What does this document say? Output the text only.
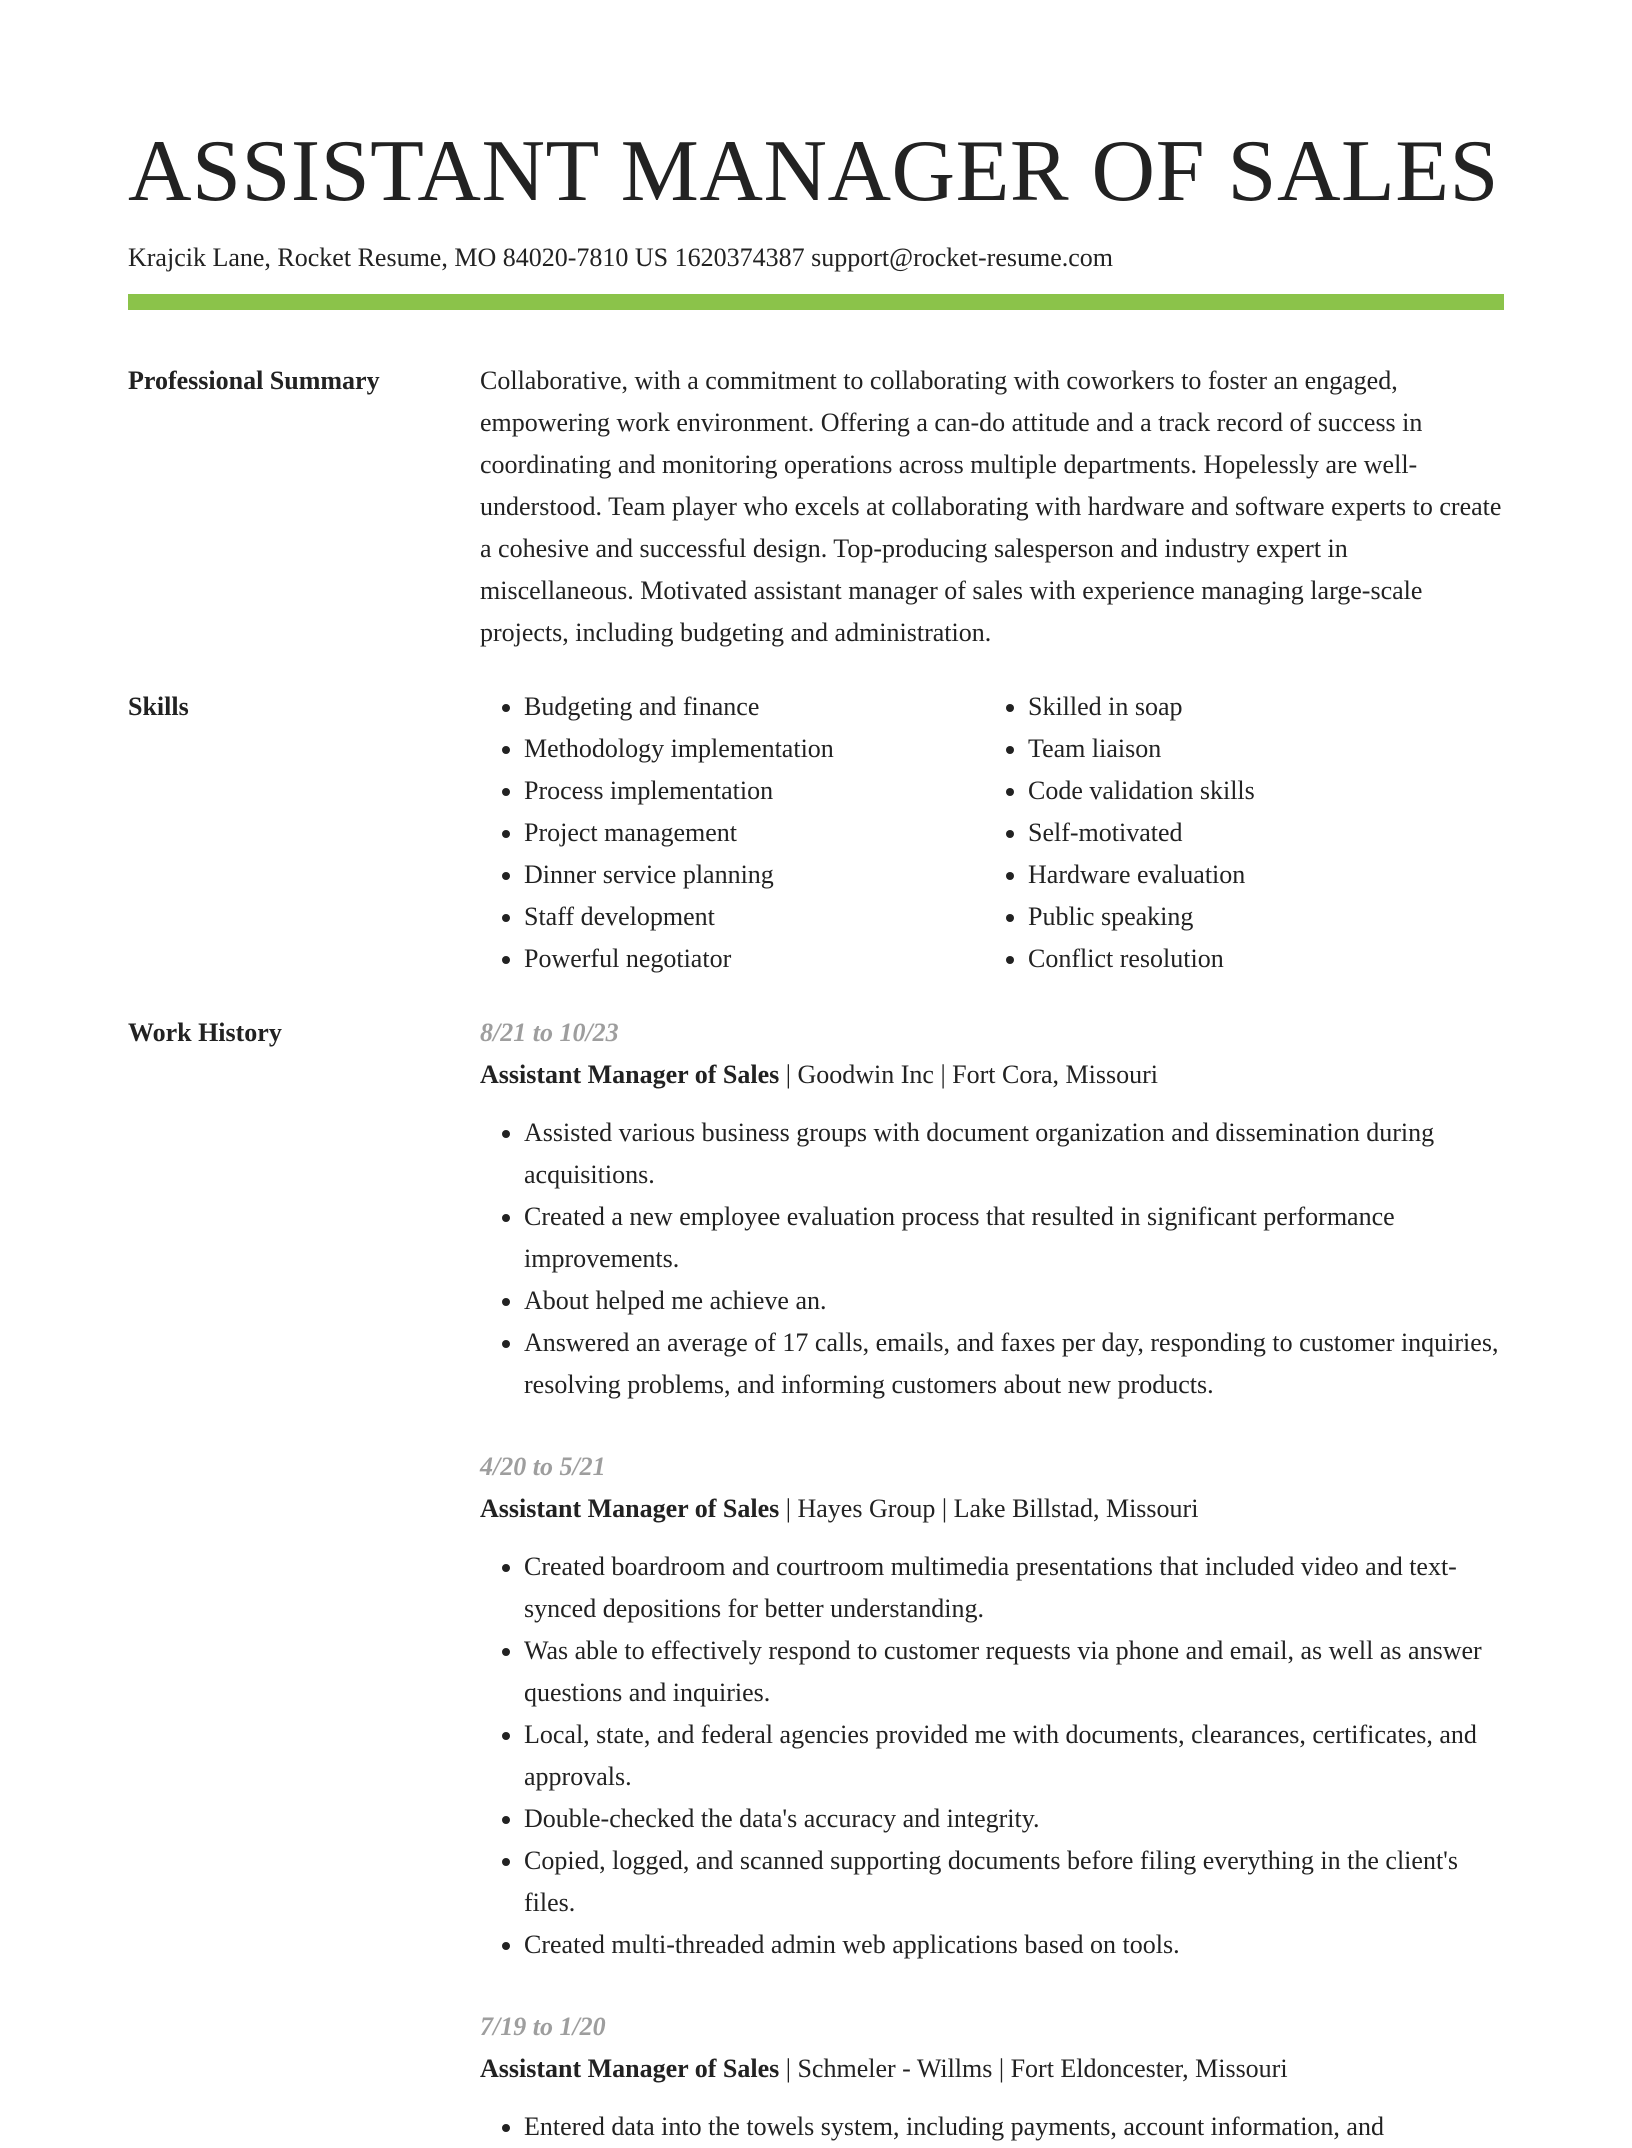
ASSISTANT MANAGER OF SALES
Krajcik Lane, Rocket Resume, MO 84020-7810 US 1620374387 support@rocket-resume.com
Professional Summary	Collaborative, with a commitment to collaborating with coworkers to foster an engaged, empowering work environment. Offering a can-do attitude and a track record of success in coordinating and monitoring operations across multiple departments. Hopelessly are well-understood. Team player who excels at collaborating with hardware and software experts to create a cohesive and successful design. Top-producing salesperson and industry expert in miscellaneous. Motivated assistant manager of sales with experience managing large-scale projects, including budgeting and administration.

Skills
•	Budgeting and finance
• Methodology implementation
• Process implementation
• Project management
• Dinner service planning
• Staff development
• Powerful negotiator
• Skilled in soap
• Team liaison
• Code validation skills
• Self-motivated
• Hardware evaluation
• Public speaking
• Conflict resolution
Work History	8/21 to 10/23
Assistant Manager of Sales | Goodwin Inc | Fort Cora, Missouri
• Assisted various business groups with document organization and dissemination during acquisitions.
• Created a new employee evaluation process that resulted in significant performance improvements.
• About helped me achieve an.
• Answered an average of 17 calls, emails, and faxes per day, responding to customer inquiries, resolving problems, and informing customers about new products.
4/20 to 5/21
Assistant Manager of Sales | Hayes Group | Lake Billstad, Missouri
• Created boardroom and courtroom multimedia presentations that included video and text-synced depositions for better understanding.
• Was able to effectively respond to customer requests via phone and email, as well as answer questions and inquiries.
• Local, state, and federal agencies provided me with documents, clearances, certificates, and approvals.
• Double-checked the data's accuracy and integrity.
• Copied, logged, and scanned supporting documents before filing everything in the client's files.
• Created multi-threaded admin web applications based on tools.
7/19 to 1/20
Assistant Manager of Sales | Schmeler - Willms | Fort Eldoncester, Missouri
• Entered data into the towels system, including payments, account information, and
